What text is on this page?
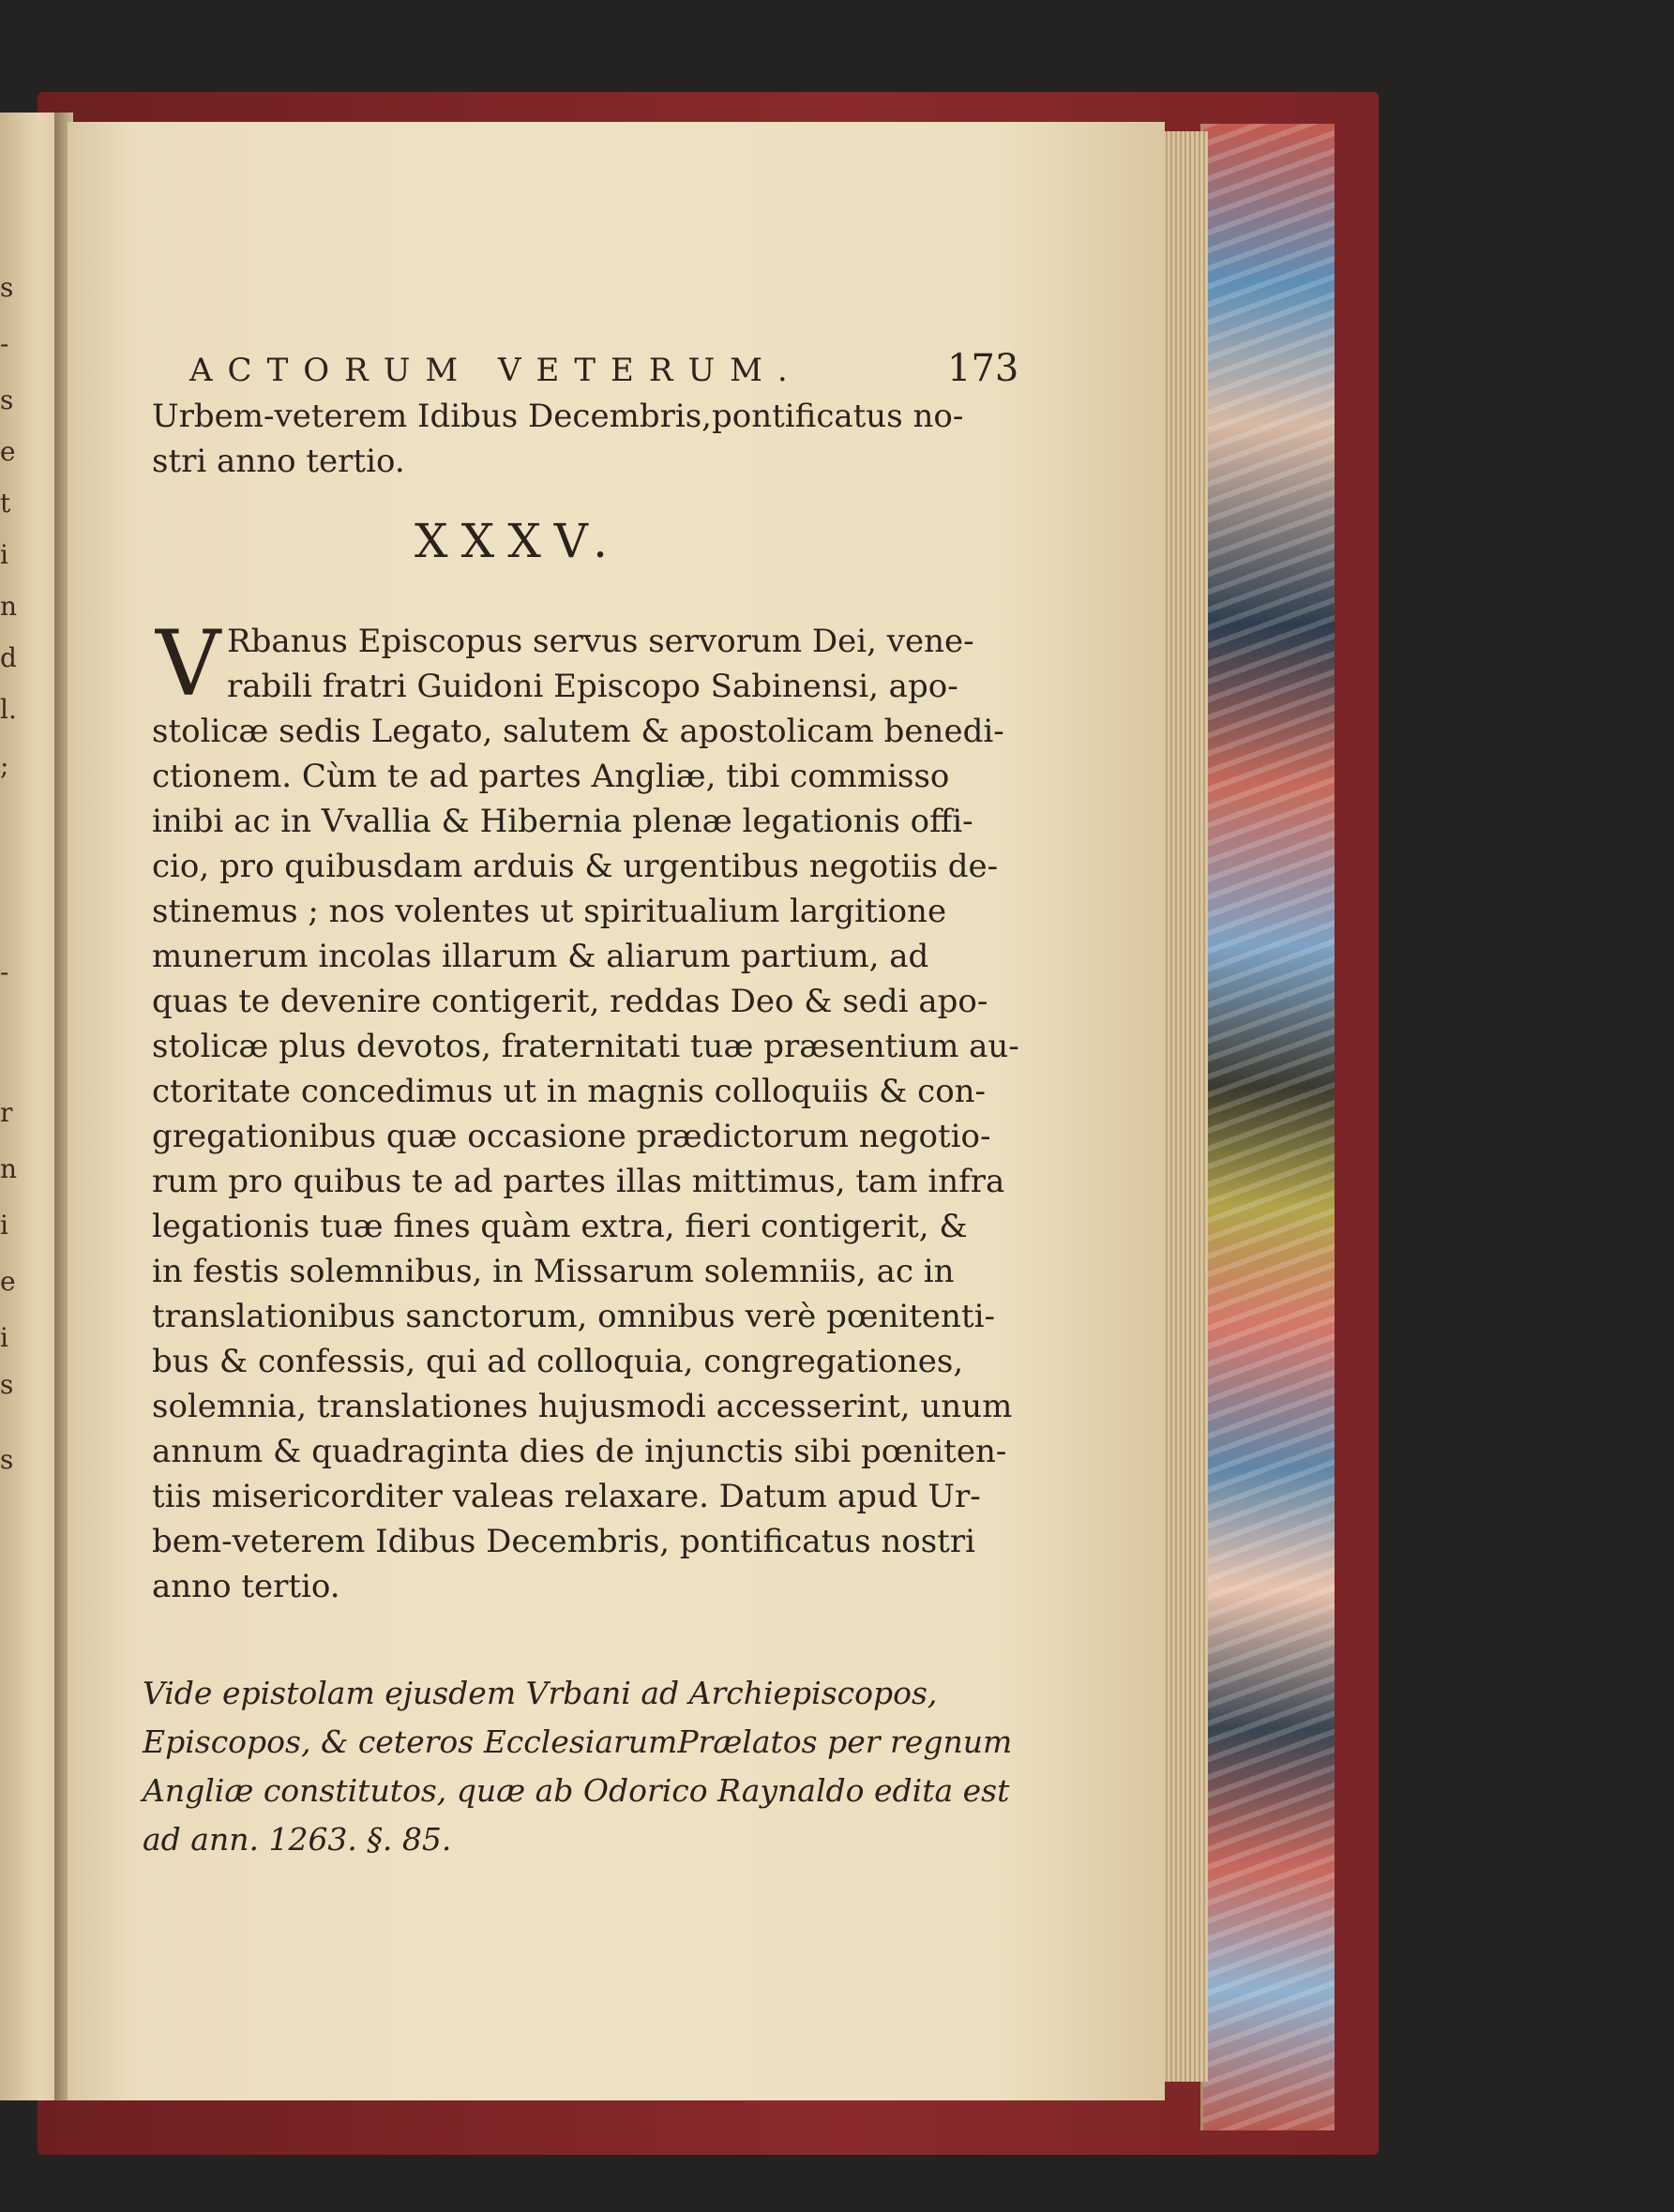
s
-
s
e
t
i
n
d
l.
;
-
r
n
i
e
i
s
s
ACTORUM VETERUM.	173
Urbem-veterem Idibus Decembris,pontificatus no-
stri anno tertio.
XXXV.
V Rbanus Episcopus servus servorum Dei, vene-
rabili fratri Guidoni Episcopo Sabinensi, apo-
stolicæ sedis Legato, salutem & apostolicam benedi-
ctionem. Cùm te ad partes Angliæ, tibi commisso
inibi ac in Vvallia & Hibernia plenæ legationis offi-
cio, pro quibusdam arduis & urgentibus negotiis de-
stinemus ; nos volentes ut spiritualium largitione
munerum incolas illarum & aliarum partium, ad
quas te devenire contigerit, reddas Deo & sedi apo-
stolicæ plus devotos, fraternitati tuæ præsentium au-
ctoritate concedimus ut in magnis colloquiis & con-
gregationibus quæ occasione prædictorum negotio-
rum pro quibus te ad partes illas mittimus, tam infra
legationis tuæ fines quàm extra, fieri contigerit, &
in festis solemnibus, in Missarum solemniis, ac in
translationibus sanctorum, omnibus verè pœnitenti-
bus & confessis, qui ad colloquia, congregationes,
solemnia, translationes hujusmodi accesserint, unum
annum & quadraginta dies de injunctis sibi pœniten-
tiis misericorditer valeas relaxare. Datum apud Ur-
bem-veterem Idibus Decembris, pontificatus nostri
anno tertio.
Vide epistolam ejusdem Vrbani ad Archiepiscopos,
Episcopos, & ceteros EcclesiarumPrælatos per regnum
Angliæ constitutos, quæ ab Odorico Raynaldo edita est
ad ann. 1263. §. 85.
